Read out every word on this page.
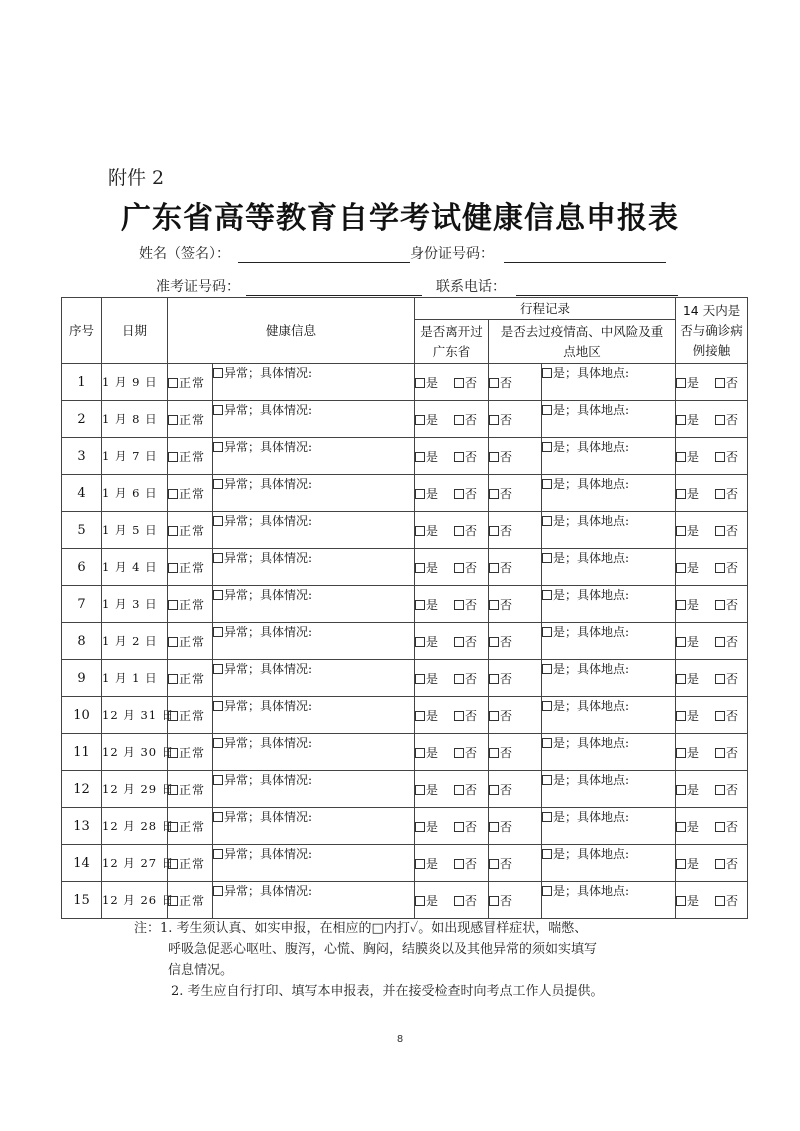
附件 2
广东省高等教育自学考试健康信息申报表
姓名（签名）：	身份证号码：
准考证号码：	联系电话：
序号	日期	健康信息		行程记录			14 天内是否与确诊病例接触
				是否离开过广东省	是否去过疫情高、中风险及重点地区		
1	1 月 9 日	正常	异常；具体情况:	是 否	否	是；具体地点:	是 否
2	1 月 8 日	正常	异常；具体情况:	是 否	否	是；具体地点:	是 否
3	1 月 7 日	正常	异常；具体情况:	是 否	否	是；具体地点:	是 否
4	1 月 6 日	正常	异常；具体情况:	是 否	否	是；具体地点:	是 否
5	1 月 5 日	正常	异常；具体情况:	是 否	否	是；具体地点:	是 否
6	1 月 4 日	正常	异常；具体情况:	是 否	否	是；具体地点:	是 否
7	1 月 3 日	正常	异常；具体情况:	是 否	否	是；具体地点:	是 否
8	1 月 2 日	正常	异常；具体情况:	是 否	否	是；具体地点:	是 否
9	1 月 1 日	正常	异常；具体情况:	是 否	否	是；具体地点:	是 否
10	12 月 31 日	正常	异常；具体情况:	是 否	否	是；具体地点:	是 否
11	12 月 30 日	正常	异常；具体情况:	是 否	否	是；具体地点:	是 否
12	12 月 29 日	正常	异常；具体情况:	是 否	否	是；具体地点:	是 否
13	12 月 28 日	正常	异常；具体情况:	是 否	否	是；具体地点:	是 否
14	12 月 27 日	正常	异常；具体情况:	是 否	否	是；具体地点:	是 否
15	12 月 26 日	正常	异常；具体情况:	是 否	否	是；具体地点:	是 否
注：1. 考生须认真、如实申报，在相应的□内打✓。如出现感冒样症状，喘憋、
呼吸急促恶心呕吐、腹泻，心慌、胸闷，结膜炎以及其他异常的须如实填写
信息情况。
2. 考生应自行打印、填写本申报表，并在接受检查时向考点工作人员提供。
8
